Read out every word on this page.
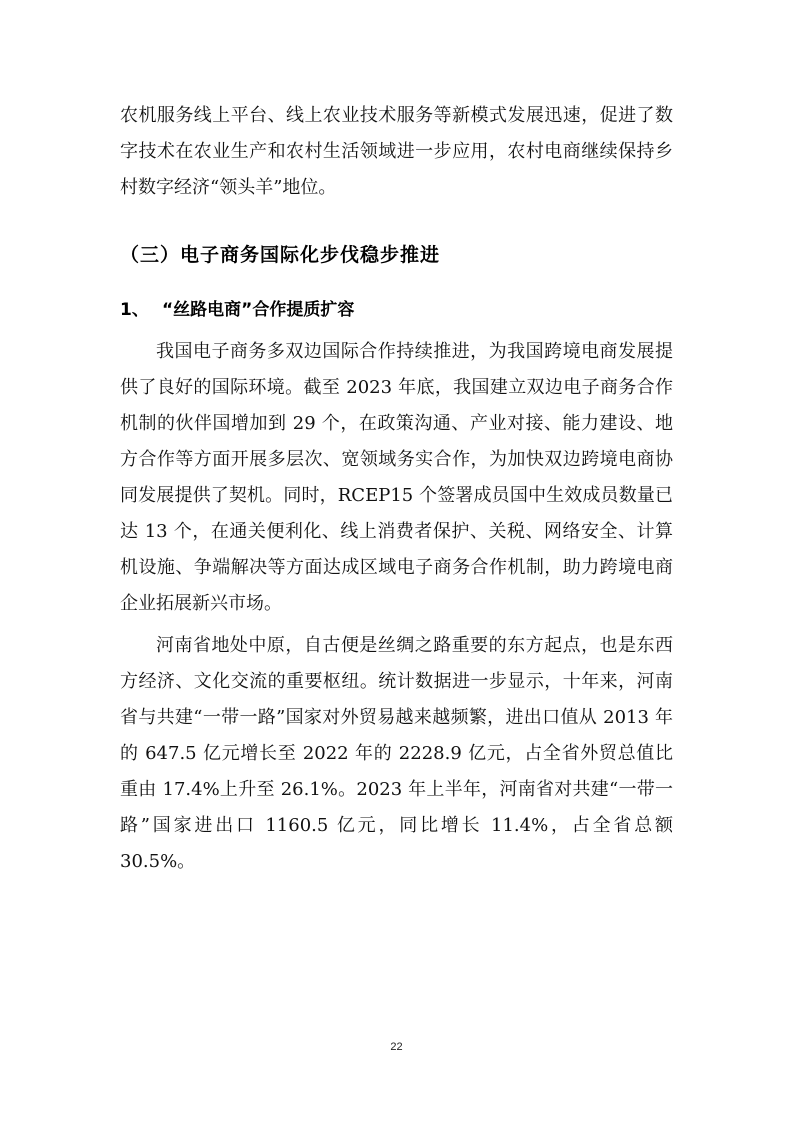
农机服务线上平台、线上农业技术服务等新模式发展迅速，促进了数字技术在农业生产和农村生活领域进一步应用，农村电商继续保持乡村数字经济“领头羊”地位。

（三）电子商务国际化步伐稳步推进
1、 “丝路电商”合作提质扩容

我国电子商务多双边国际合作持续推进，为我国跨境电商发展提供了良好的国际环境。截至 2023 年底，我国建立双边电子商务合作机制的伙伴国增加到 29 个，在政策沟通、产业对接、能力建设、地方合作等方面开展多层次、宽领域务实合作，为加快双边跨境电商协同发展提供了契机。同时，RCEP15 个签署成员国中生效成员数量已达 13 个，在通关便利化、线上消费者保护、关税、网络安全、计算机设施、争端解决等方面达成区域电子商务合作机制，助力跨境电商企业拓展新兴市场。

河南省地处中原，自古便是丝绸之路重要的东方起点，也是东西方经济、文化交流的重要枢纽。统计数据进一步显示，十年来，河南省与共建“一带一路”国家对外贸易越来越频繁，进出口值从 2013 年的 647.5 亿元增长至 2022 年的 2228.9 亿元，占全省外贸总值比重由 17.4%上升至 26.1%。2023 年上半年，河南省对共建“一带一路”国家进出口 1160.5 亿元，同比增长 11.4%，占全省总额 30.5%。

22
